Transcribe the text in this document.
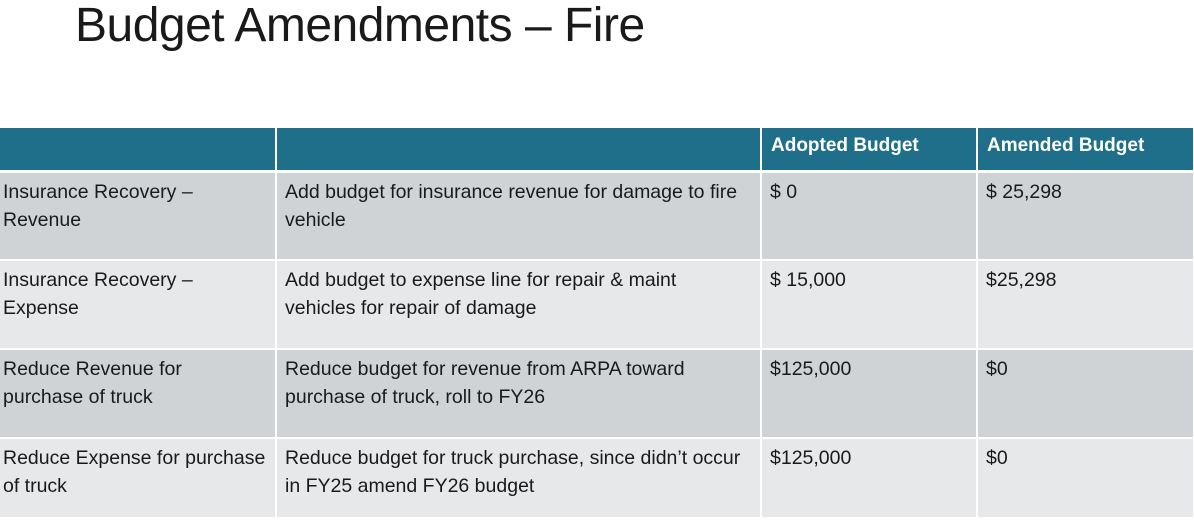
Budget Amendments – Fire
		Adopted Budget	Amended Budget
Insurance Recovery – Revenue	Add budget for insurance revenue for damage to fire vehicle	$ 0	$ 25,298
Insurance Recovery – Expense	Add budget to expense line for repair & maint vehicles for repair of damage	$ 15,000	$25,298
Reduce Revenue for purchase of truck	Reduce budget for revenue from ARPA toward purchase of truck, roll to FY26	$125,000	$0
Reduce Expense for purchase of truck	Reduce budget for truck purchase, since didn’t occur in FY25 amend FY26 budget	$125,000	$0
